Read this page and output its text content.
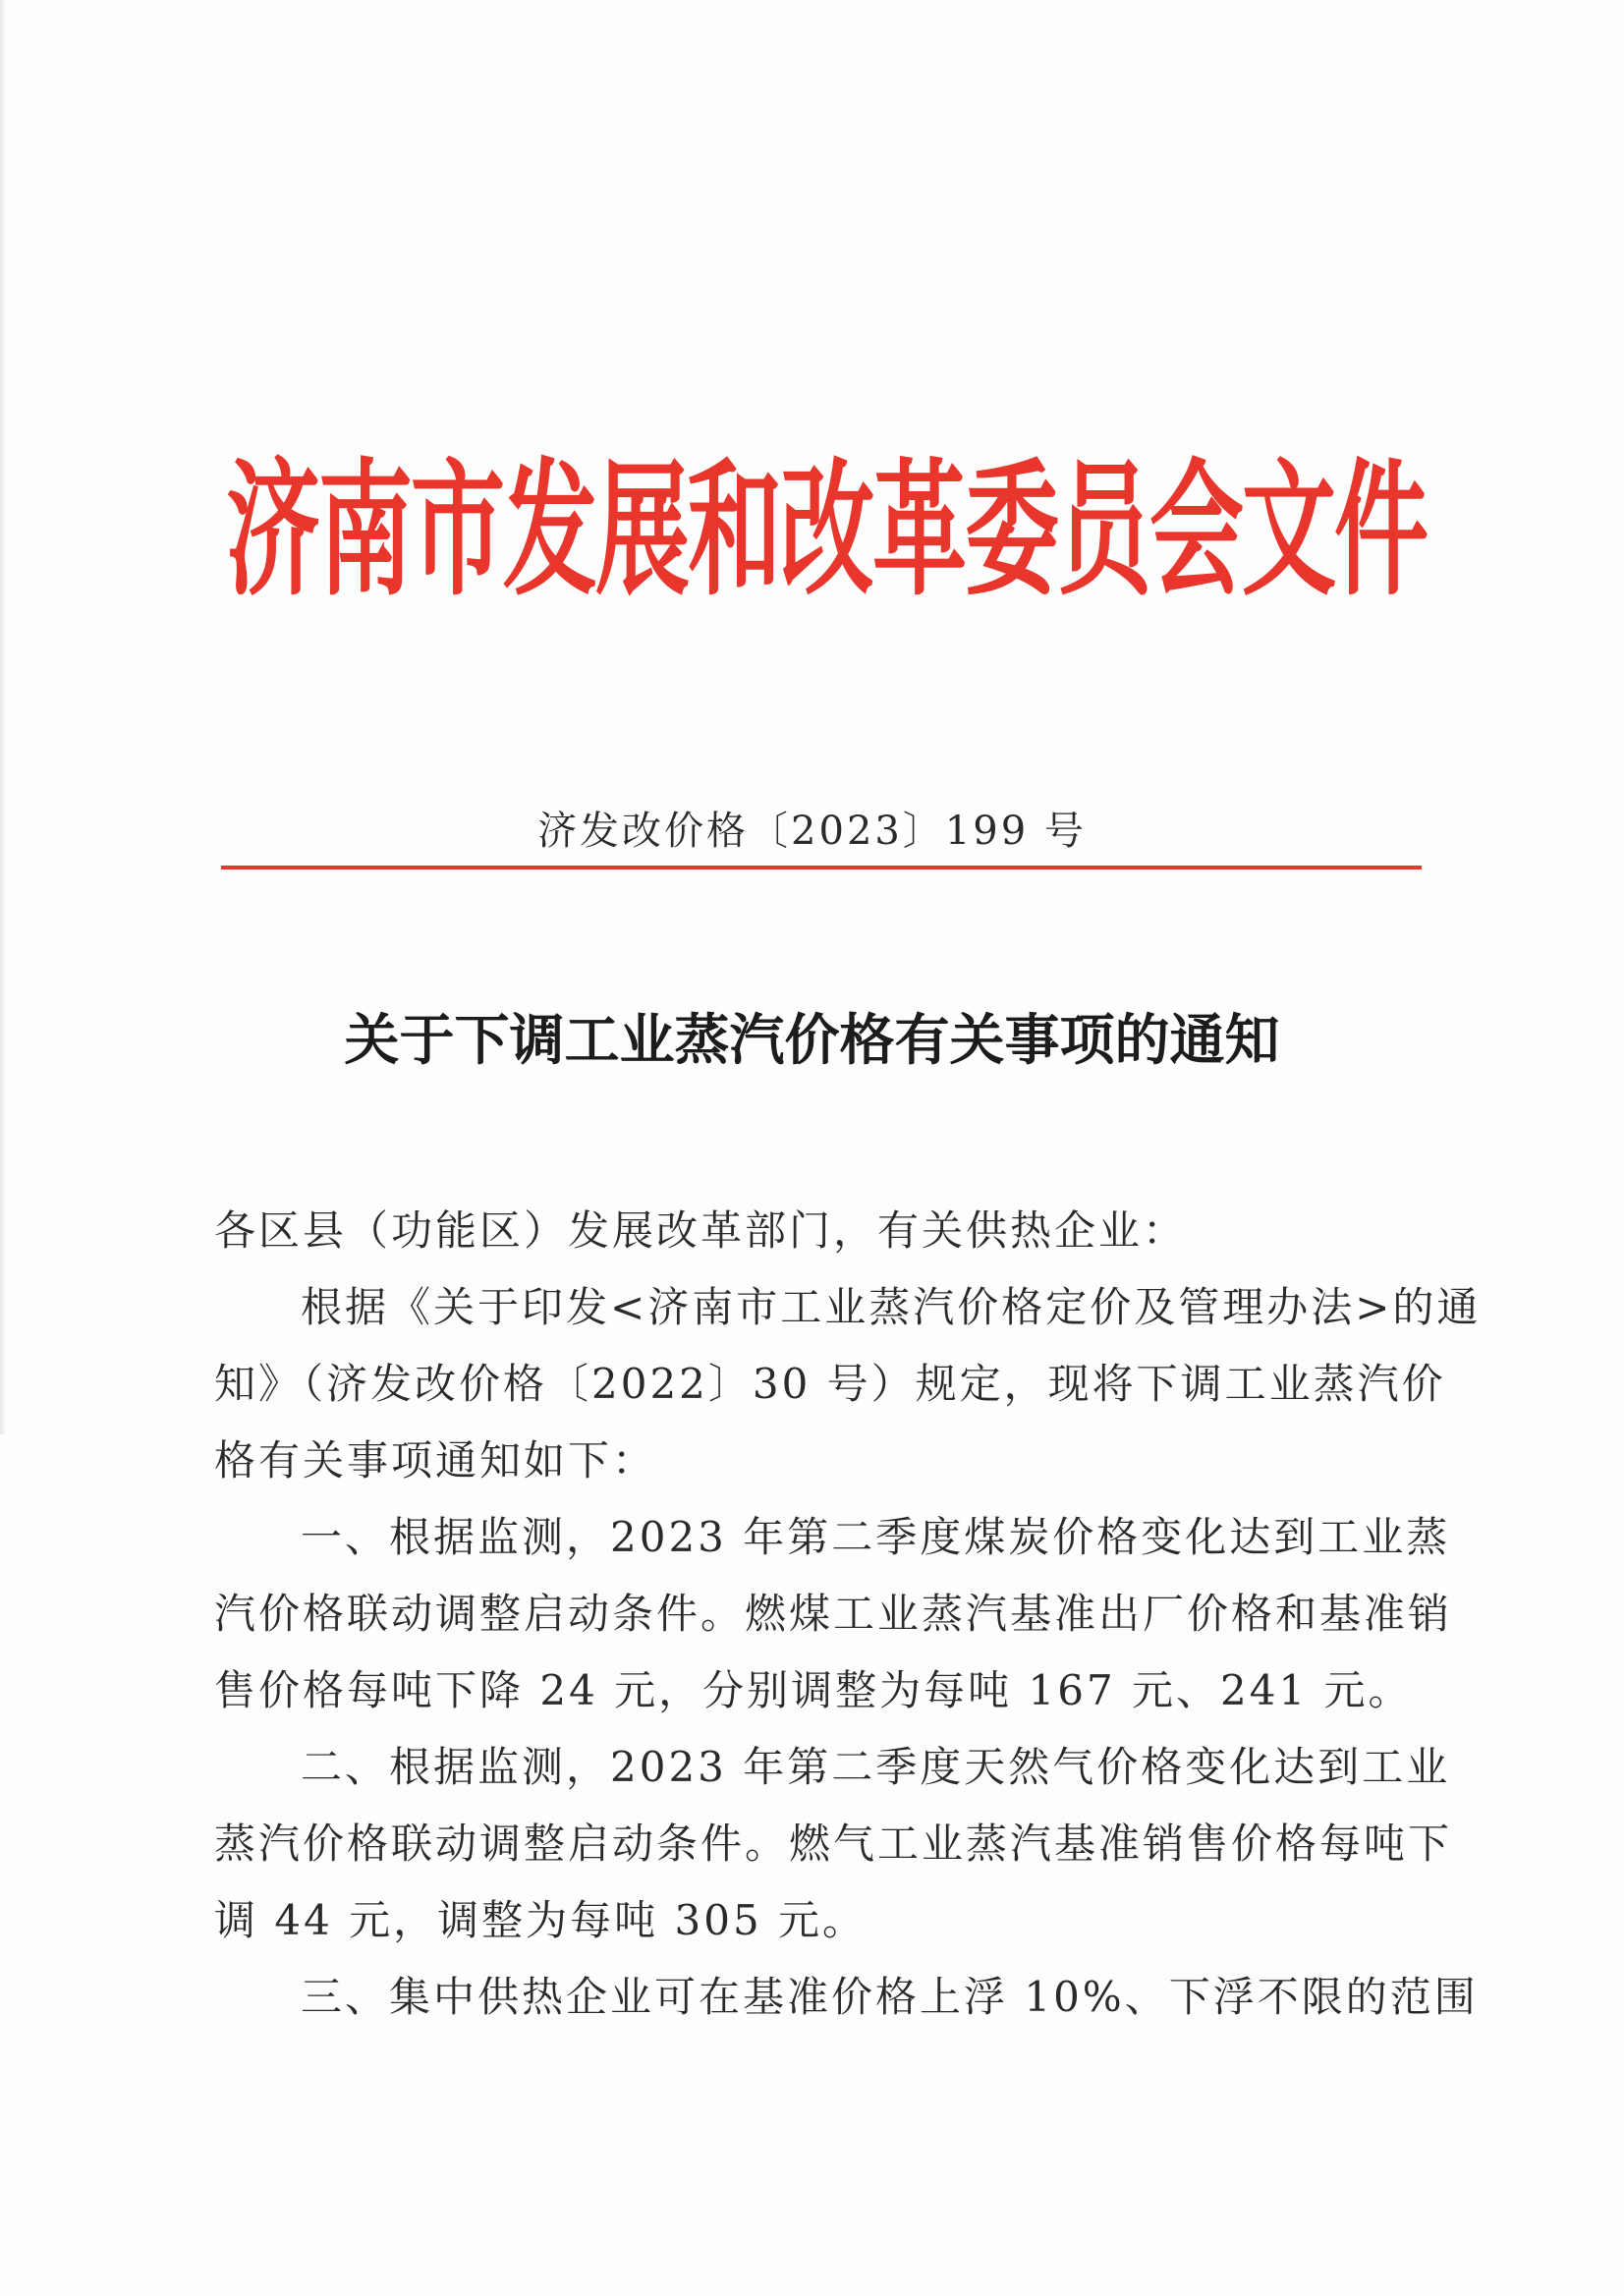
济南市发展和改革委员会文件
济发改价格〔2023〕199 号
关于下调工业蒸汽价格有关事项的通知
各区县（功能区）发展改革部门，有关供热企业：
根据《关于印发<济南市工业蒸汽价格定价及管理办法>的通
知》（济发改价格〔2022〕30 号）规定，现将下调工业蒸汽价
格有关事项通知如下：
一、根据监测，2023 年第二季度煤炭价格变化达到工业蒸
汽价格联动调整启动条件。燃煤工业蒸汽基准出厂价格和基准销
售价格每吨下降 24 元，分别调整为每吨 167 元、241 元。
二、根据监测，2023 年第二季度天然气价格变化达到工业
蒸汽价格联动调整启动条件。燃气工业蒸汽基准销售价格每吨下
调 44 元，调整为每吨 305 元。
三、集中供热企业可在基准价格上浮 10%、下浮不限的范围
